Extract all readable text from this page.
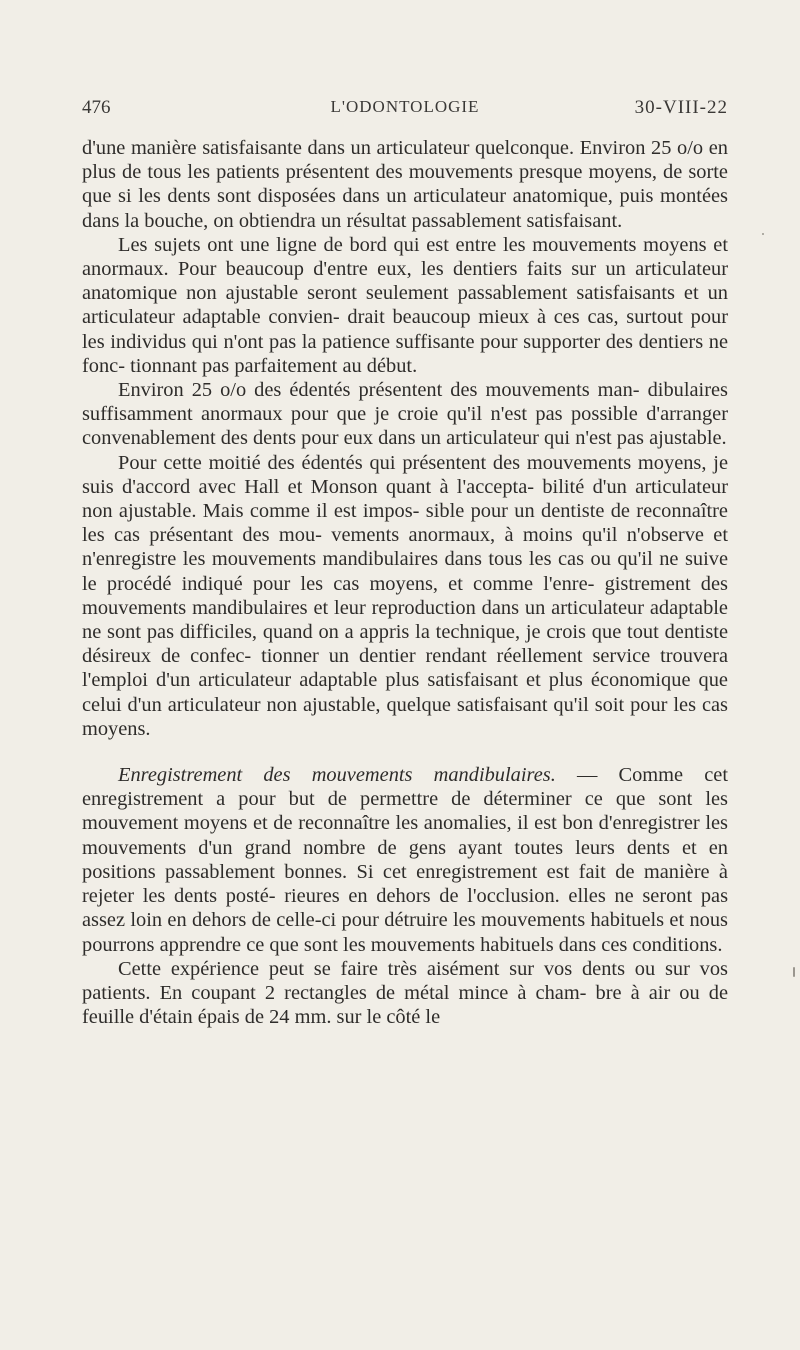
476	L'ODONTOLOGIE	30-VIII-22

d'une manière satisfaisante dans un articulateur quelconque. Environ 25 o/o en plus de tous les patients présentent des mouvements presque moyens, de sorte que si les dents sont disposées dans un articulateur anatomique, puis montées dans la bouche, on obtiendra un résultat passablement satisfaisant.

Les sujets ont une ligne de bord qui est entre les mouvements moyens et anormaux. Pour beaucoup d'entre eux, les dentiers faits sur un articulateur anatomique non ajustable seront seulement passablement satisfaisants et un articulateur adaptable convien- drait beaucoup mieux à ces cas, surtout pour les individus qui n'ont pas la patience suffisante pour supporter des dentiers ne fonc- tionnant pas parfaitement au début.

Environ 25 o/o des édentés présentent des mouvements man- dibulaires suffisamment anormaux pour que je croie qu'il n'est pas possible d'arranger convenablement des dents pour eux dans un articulateur qui n'est pas ajustable.

Pour cette moitié des édentés qui présentent des mouvements moyens, je suis d'accord avec Hall et Monson quant à l'accepta- bilité d'un articulateur non ajustable. Mais comme il est impos- sible pour un dentiste de reconnaître les cas présentant des mou- vements anormaux, à moins qu'il n'observe et n'enregistre les mouvements mandibulaires dans tous les cas ou qu'il ne suive le procédé indiqué pour les cas moyens, et comme l'enre- gistrement des mouvements mandibulaires et leur reproduction dans un articulateur adaptable ne sont pas difficiles, quand on a appris la technique, je crois que tout dentiste désireux de confec- tionner un dentier rendant réellement service trouvera l'emploi d'un articulateur adaptable plus satisfaisant et plus économique que celui d'un articulateur non ajustable, quelque satisfaisant qu'il soit pour les cas moyens.

Enregistrement des mouvements mandibulaires. — Comme cet enregistrement a pour but de permettre de déterminer ce que sont les mouvement moyens et de reconnaître les anomalies, il est bon d'enregistrer les mouvements d'un grand nombre de gens ayant toutes leurs dents et en positions passablement bonnes. Si cet enregistrement est fait de manière à rejeter les dents posté- rieures en dehors de l'occlusion. elles ne seront pas assez loin en dehors de celle-ci pour détruire les mouvements habituels et nous pourrons apprendre ce que sont les mouvements habituels dans ces conditions.

Cette expérience peut se faire très aisément sur vos dents ou sur vos patients. En coupant 2 rectangles de métal mince à cham- bre à air ou de feuille d'étain épais de 24 mm. sur le côté le
